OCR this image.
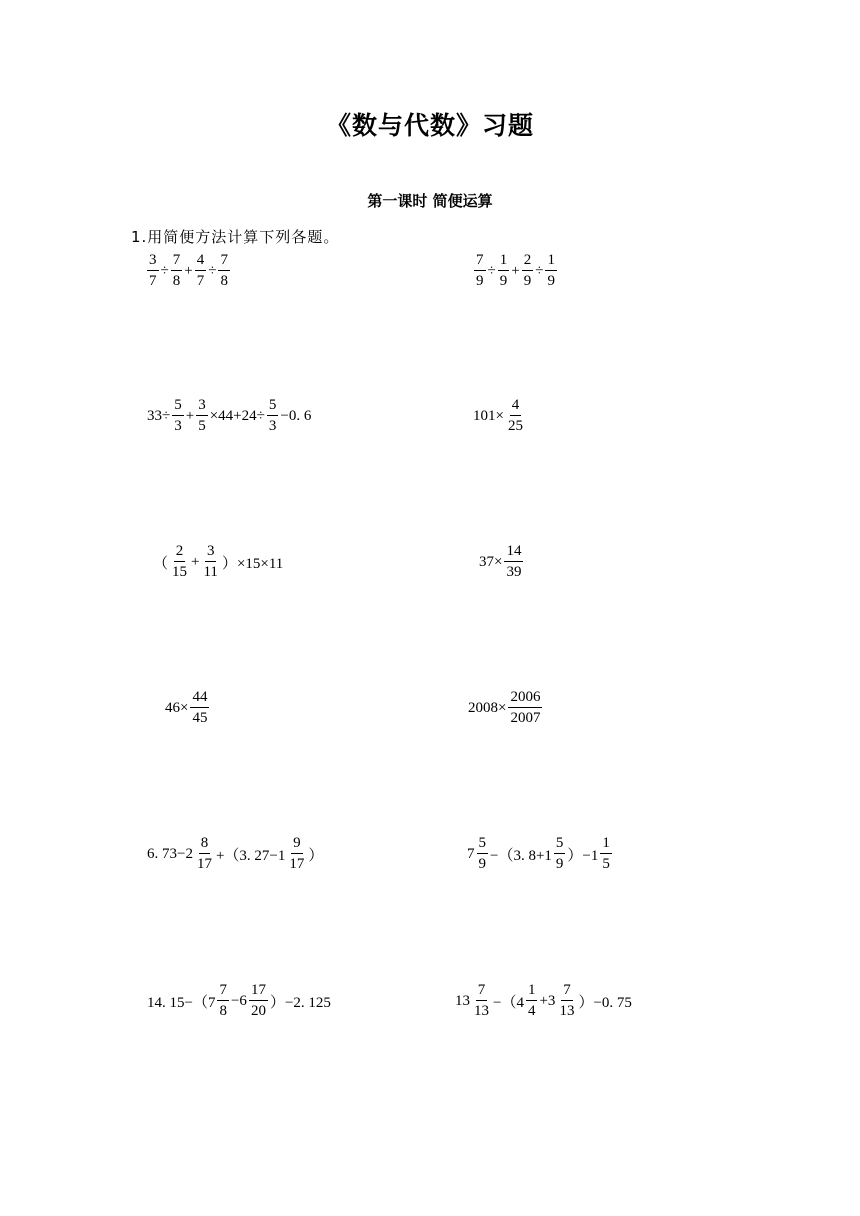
《数与代数》习题
第一课时 简便运算
1.用简便方法计算下列各题。
$\frac{3}{7} \div \frac{7}{8} + \frac{4}{7} \div \frac{7}{8}$	$\frac{7}{9} \div \frac{1}{9} + \frac{2}{9} \div \frac{1}{9}$
$33\div \frac{5}{3} + \frac{3}{5} \times 44+24\div \frac{5}{3} -0$. 6	$101\times \frac{4}{25}$
（ $\frac{2}{15} + \frac{3}{11} )\times 15\times 11$	$37\times \frac{14}{39}$
$46\times \frac{44}{45}$	$2008\times \frac{2006}{2007}$
6. $73-2 \frac{8}{17} +(3$. $27-1 \frac{9}{17}$ ）	$7 \frac{5}{9} -(3$. $8+1 \frac{5}{9} )-1 \frac{1}{5}$
14. $15-(7 \frac{7}{8} -6 \frac{17}{20} )-2$. 125	$13 \frac{7}{13} -(4 \frac{1}{4} +3 \frac{7}{13} )-0$. 75
